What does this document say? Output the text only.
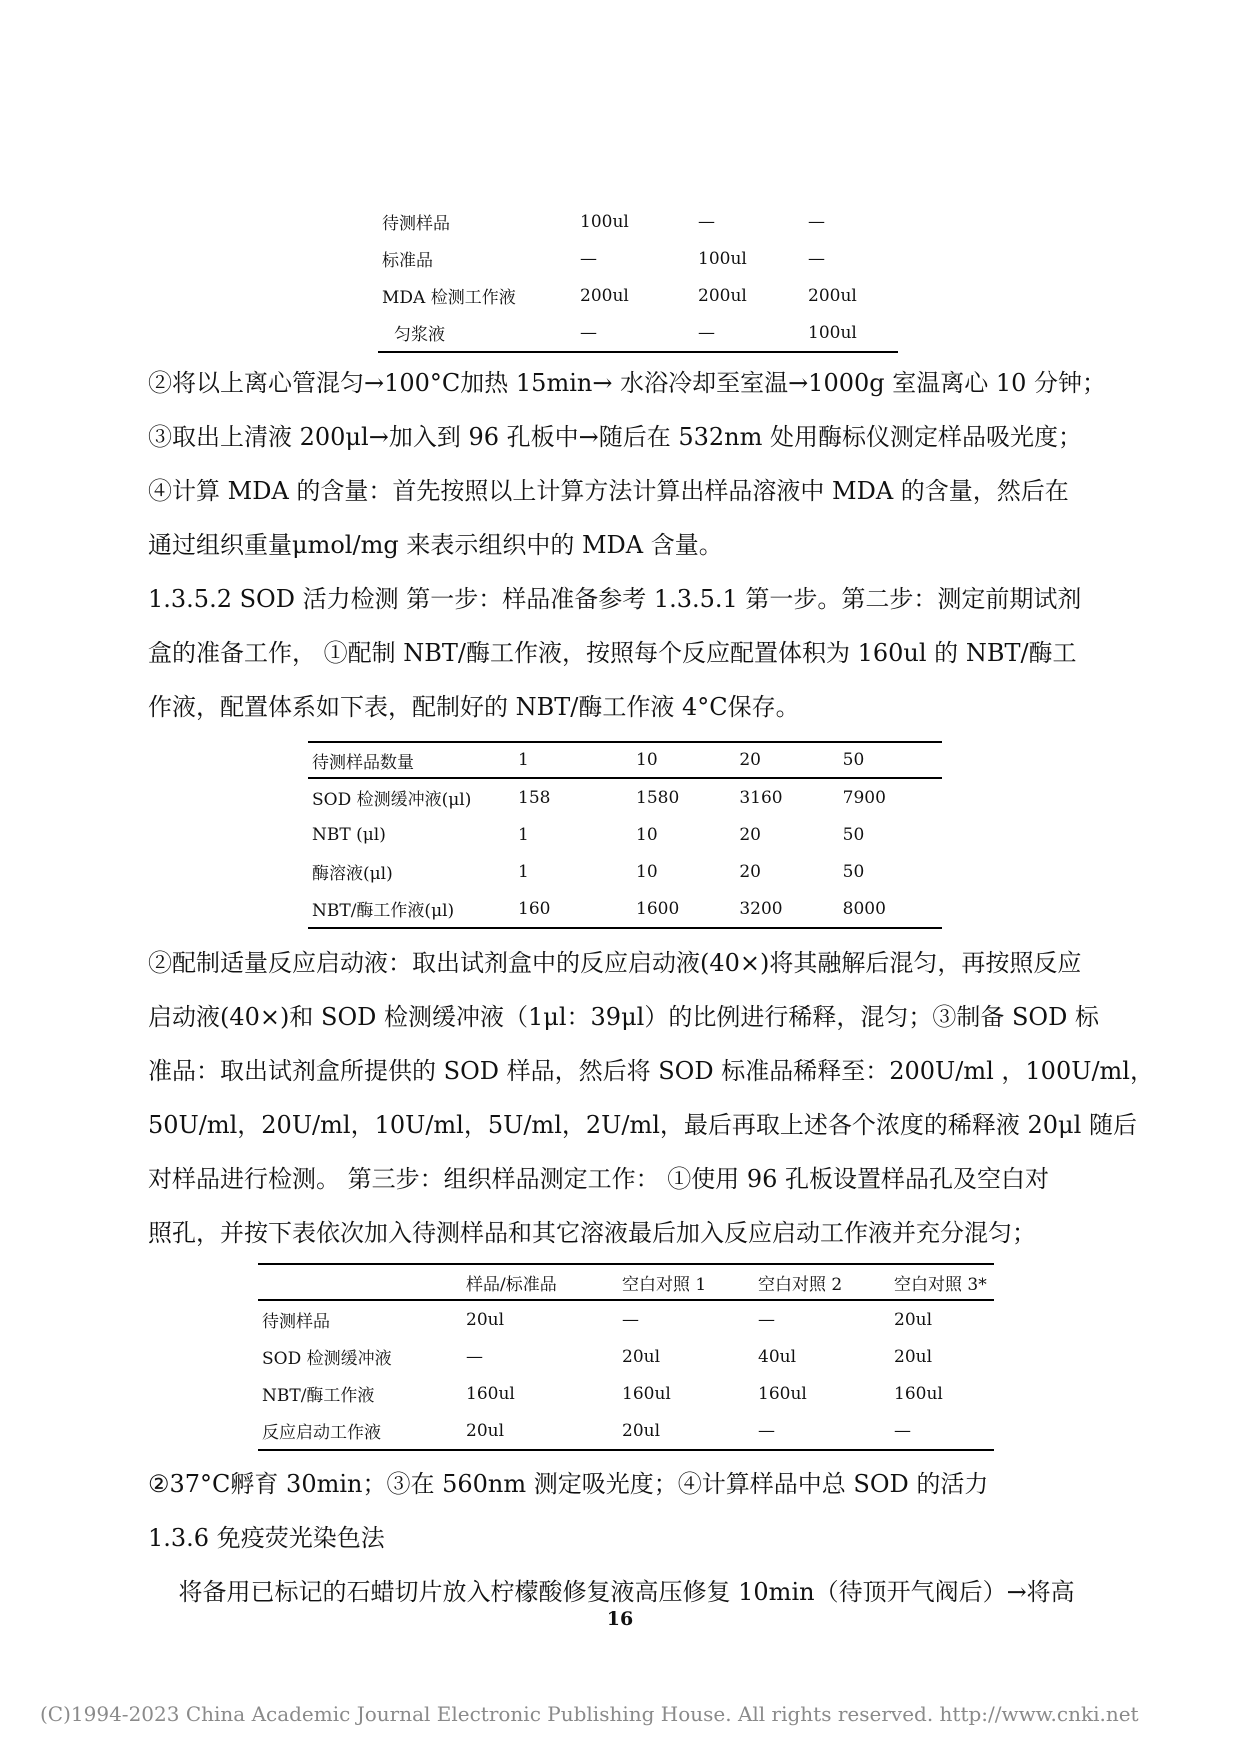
待测样品	100ul	—	—
标准品	—	100ul	—
MDA 检测工作液	200ul	200ul	200ul
匀浆液	—	—	100ul

②将以上离心管混匀→100°C加热 15min→ 水浴冷却至室温→1000g 室温离心 10 分钟；

③取出上清液 200μl→加入到 96 孔板中→随后在 532nm 处用酶标仪测定样品吸光度；

④计算 MDA 的含量：首先按照以上计算方法计算出样品溶液中 MDA 的含量，然后在

通过组织重量μmol/mg 来表示组织中的 MDA 含量。

1.3.5.2 SOD 活力检测 第一步：样品准备参考 1.3.5.1 第一步。第二步：测定前期试剂

盒的准备工作， ①配制 NBT/酶工作液，按照每个反应配置体积为 160ul 的 NBT/酶工

作液，配置体系如下表，配制好的 NBT/酶工作液 4°C保存。

待测样品数量	1	10	20	50
SOD 检测缓冲液(μl)	158	1580	3160	7900
NBT (μl)	1	10	20	50
酶溶液(μl)	1	10	20	50
NBT/酶工作液(μl)	160	1600	3200	8000

②配制适量反应启动液：取出试剂盒中的反应启动液(40×)将其融解后混匀，再按照反应

启动液(40×)和 SOD 检测缓冲液（1μl：39μl）的比例进行稀释，混匀；③制备 SOD 标

准品：取出试剂盒所提供的 SOD 样品，然后将 SOD 标准品稀释至：200U/ml ，100U/ml，

50U/ml，20U/ml，10U/ml，5U/ml，2U/ml，最后再取上述各个浓度的稀释液 20μl 随后

对样品进行检测。 第三步：组织样品测定工作： ①使用 96 孔板设置样品孔及空白对

照孔，并按下表依次加入待测样品和其它溶液最后加入反应启动工作液并充分混匀；

	样品/标准品	空白对照 1	空白对照 2	空白对照 3*
待测样品	20ul	—	—	20ul
SOD 检测缓冲液	—	20ul	40ul	20ul
NBT/酶工作液	160ul	160ul	160ul	160ul
反应启动工作液	20ul	20ul	—	—

②37°C孵育 30min；③在 560nm 测定吸光度；④计算样品中总 SOD 的活力

1.3.6 免疫荧光染色法

将备用已标记的石蜡切片放入柠檬酸修复液高压修复 10min（待顶开气阀后）→将高

16
(C)1994-2023 China Academic Journal Electronic Publishing House. All rights reserved. http://www.cnki.net
